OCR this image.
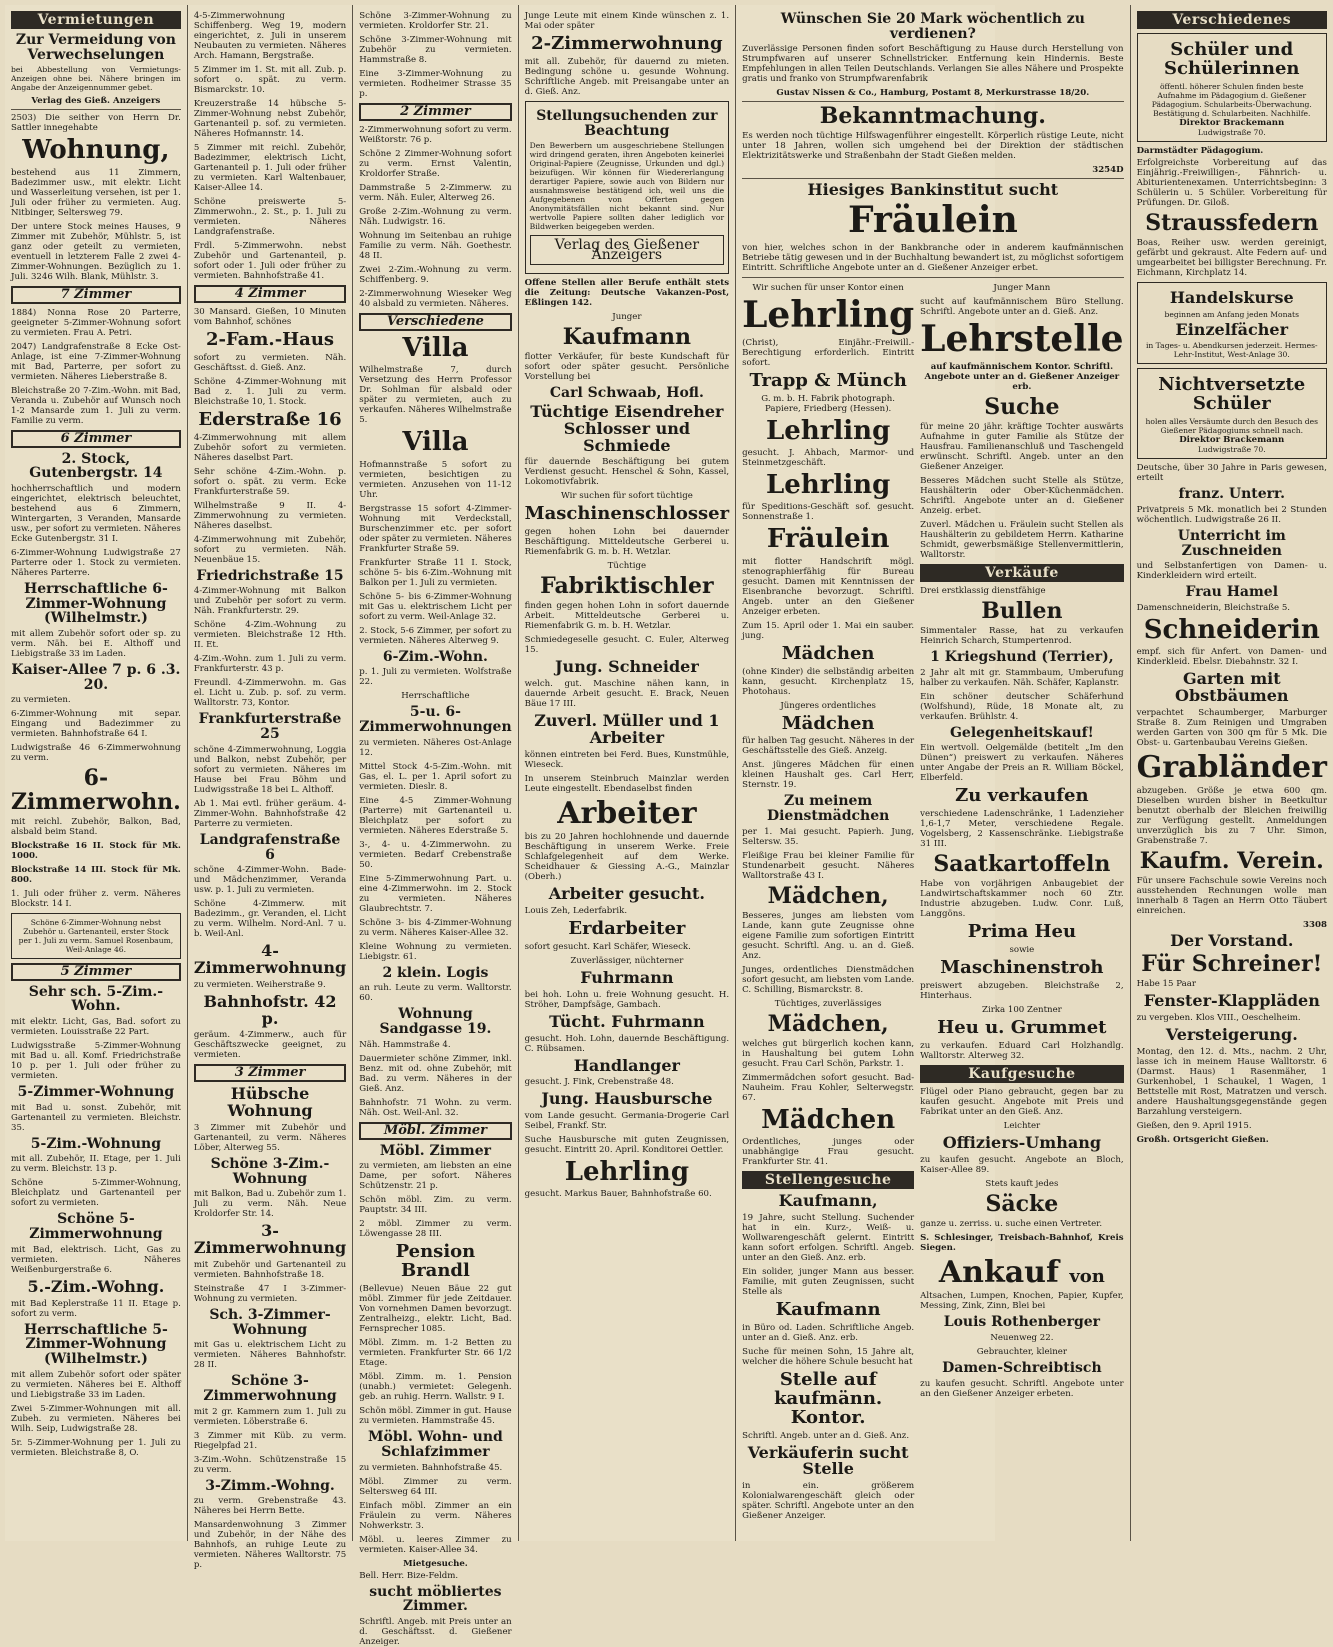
Vermietungen
Zur Vermeidung von Verwechselungen
bei Abbestellung von Vermietungs-Anzeigen ohne bei. Nähere bringen im Angabe der Anzeigennummer gebet.
Verlag des Gieß. Anzeigers
2503) Die seither von Herrn Dr. Sattler innegehabte
Wohnung,
bestehend aus 11 Zimmern, Badezimmer usw., mit elektr. Licht und Wasserleitung versehen, ist per 1. Juli oder früher zu vermieten. Aug. Nitbinger, Seltersweg 79.
Der untere Stock meines Hauses, 9 Zimmer mit Zubehör, Mühlstr. 5, ist ganz oder geteilt zu vermieten, eventuell in letzterem Falle 2 zwei 4-Zimmer-Wohnungen. Bezüglich zu 1. Juli. 3246 Wilh. Blank, Mühlstr. 3.
7 Zimmer
1884) Nonna Rose 20 Parterre, geeigneter 5-Zimmer-Wohnung sofort zu vermieten. Frau A. Petri.
2047) Landgrafenstraße 8 Ecke Ost-Anlage, ist eine 7-Zimmer-Wohnung mit Bad, Parterre, per sofort zu vermieten. Näheres Lieberstraße 8.
Bleichstraße 20 7-Zim.-Wohn. mit Bad, Veranda u. Zubehör auf Wunsch noch 1-2 Mansarde zum 1. Juli zu verm. Familie zu verm.
6 Zimmer
2. Stock, Gutenbergstr. 14
hochherrschaftlich und modern eingerichtet, elektrisch beleuchtet, bestehend aus 6 Zimmern, Wintergarten, 3 Veranden, Mansarde usw., per sofort zu vermieten. Näheres Ecke Gutenbergstr. 31 I.
6-Zimmer-Wohnung Ludwigstraße 27 Parterre oder 1. Stock zu vermieten. Näheres Parterre.
Herrschaftliche 6-Zimmer-Wohnung (Wilhelmstr.)
mit allem Zubehör sofort oder sp. zu verm. Näh. bei E. Althoff und Liebigstraße 33 im Laden.
Kaiser-Allee 7 p. 6 .3. 20.
zu vermieten.
6-Zimmer-Wohnung mit separ. Eingang und Badezimmer zu vermieten. Bahnhofstraße 64 I.
Ludwigstraße 46 6-Zimmerwohnung zu verm.
6-Zimmerwohn.
mit reichl. Zubehör, Balkon, Bad, alsbald beim Stand.
Blockstraße 16 II. Stock für Mk. 1000.
Blockstraße 14 III. Stock für Mk. 800.
1. Juli oder früher z. verm. Näheres Blockstr. 14 I.
Schöne 6-Zimmer-Wohnung nebst Zubehör u. Gartenanteil, erster Stock per 1. Juli zu verm. Samuel Rosenbaum, Weil-Anlage 46.
5 Zimmer
Sehr sch. 5-Zim.-Wohn.
mit elektr. Licht, Gas, Bad. sofort zu vermieten. Louisstraße 22 Part.
Ludwigsstraße 5-Zimmer-Wohnung mit Bad u. all. Komf. Friedrichstraße 10 p. per 1. Juli oder früher zu vermieten.
5-Zimmer-Wohnung
mit Bad u. sonst. Zubehör, mit Gartenanteil zu vermieten. Bleichstr. 35.
5-Zim.-Wohnung
mit all. Zubehör, II. Etage, per 1. Juli zu verm. Bleichstr. 13 p.
Schöne 5-Zimmer-Wohnung, Bleichplatz und Gartenanteil per sofort zu vermieten.
Schöne 5-Zimmerwohnung
mit Bad, elektrisch. Licht, Gas zu vermieten. Näheres Weißenburgerstraße 6.
5.-Zim.-Wohng.
mit Bad Keplerstraße 11 II. Etage p. sofort zu verm.
Herrschaftliche 5-Zimmer-Wohnung (Wilhelmstr.)
mit allem Zubehör sofort oder später zu vermieten. Näheres bei E. Althoff und Liebigstraße 33 im Laden.
Zwei 5-Zimmer-Wohnungen mit all. Zubeh. zu vermieten. Näheres bei Wilh. Seip, Ludwigstraße 28.
5r. 5-Zimmer-Wohnung per 1. Juli zu vermieten. Bleichstraße 8, O.
4-5-Zimmerwohnung Schiffenberg. Weg 19, modern eingerichtet, z. Juli in unserem Neubauten zu vermieten. Näheres Arch. Hamann, Bergstraße.
5 Zimmer im 1. St. mit all. Zub. p. sofort o. spät. zu verm. Bismarckstr. 10.
Kreuzerstraße 14 hübsche 5-Zimmer-Wohnung nebst Zubehör, Gartenanteil p. sof. zu vermieten. Näheres Hofmannstr. 14.
5 Zimmer mit reichl. Zubehör, Badezimmer, elektrisch Licht, Gartenanteil p. 1. Juli oder früher zu vermieten. Karl Waltenbauer, Kaiser-Allee 14.
Schöne preiswerte 5-Zimmerwohn., 2. St., p. 1. Juli zu vermieten. Näheres Landgrafenstraße.
Frdl. 5-Zimmerwohn. nebst Zubehör und Gartenanteil, p. sofort oder 1. Juli oder früher zu vermieten. Bahnhofstraße 41.
4 Zimmer
30 Mansard. Gießen, 10 Minuten vom Bahnhof, schönes
2-Fam.-Haus
sofort zu vermieten. Näh. Geschäftsst. d. Gieß. Anz.
Schöne 4-Zimmer-Wohnung mit Bad z. 1. Juli zu verm. Bleichstraße 10, 1. Stock.
Ederstraße 16
4-Zimmerwohnung mit allem Zubehör sofort zu vermieten. Näheres daselbst Part.
Sehr schöne 4-Zim.-Wohn. p. sofort o. spät. zu verm. Ecke Frankfurterstraße 59.
Wilhelmstraße 9 II. 4-Zimmerwohnung zu vermieten. Näheres daselbst.
4-Zimmerwohnung mit Zubehör, sofort zu vermieten. Näh. Neuenbäue 15.
Friedrichstraße 15
4-Zimmer-Wohnung mit Balkon und Zubehör per sofort zu verm. Näh. Frankfurterstr. 29.
Schöne 4-Zim.-Wohnung zu vermieten. Bleichstraße 12 Hth. II. Et.
4-Zim.-Wohn. zum 1. Juli zu verm. Frankfurterstr. 43 p.
Freundl. 4-Zimmerwohn. m. Gas el. Licht u. Zub. p. sof. zu verm. Walltorstr. 73, Kontor.
Frankfurterstraße 25
schöne 4-Zimmerwohnung, Loggia und Balkon, nebst Zubehör, per sofort zu vermieten. Näheres im Hause bei Frau Böhm und Ludwigsstraße 18 bei L. Althoff.
Ab 1. Mai evtl. früher geräum. 4-Zimmer-Wohn. Bahnhofstraße 42 Parterre zu vermieten.
Landgrafenstraße 6
schöne 4-Zimmer-Wohn. Bade- und Mädchenzimmer, Veranda usw. p. 1. Juli zu vermieten.
Schöne 4-Zimmerw. mit Badezimm., gr. Veranden, el. Licht zu verm. Wilhelm. Nord-Anl. 7 u. b. Weil-Anl.
4-Zimmerwohnung
zu vermieten. Weiherstraße 9.
Bahnhofstr. 42 p.
geräum. 4-Zimmerw., auch für Geschäftszwecke geeignet, zu vermieten.
3 Zimmer
Hübsche Wohnung
3 Zimmer mit Zubehör und Gartenanteil, zu verm. Näheres Löber, Alterweg 55.
Schöne 3-Zim.-Wohnung
mit Balkon, Bad u. Zubehör zum 1. Juli zu verm. Näh. Neue Kroldorfer Str. 14.
3-Zimmerwohnung
mit Zubehör und Gartenanteil zu vermieten. Bahnhofstraße 18.
Steinstraße 47 I 3-Zimmer-Wohnung zu vermieten.
Sch. 3-Zimmer-Wohnung
mit Gas u. elektrischem Licht zu vermieten. Näheres Bahnhofstr. 28 II.
Schöne 3-Zimmerwohnung
mit 2 gr. Kammern zum 1. Juli zu vermieten. Löberstraße 6.
3 Zimmer mit Küb. zu verm. Riegelpfad 21.
3-Zim.-Wohn. Schützenstraße 15 zu verm.
3-Zimm.-Wohng.
zu verm. Grebenstraße 43. Näheres bei Herrn Bette.
Mansardenwohnung 3 Zimmer und Zubehör, in der Nähe des Bahnhofs, an ruhige Leute zu vermieten. Näheres Walltorstr. 75 p.
Schöne 3-Zimmer-Wohnung zu vermieten. Kroldorfer Str. 21.
Schöne 3-Zimmer-Wohnung mit Zubehör zu vermieten. Hammstraße 8.
Eine 3-Zimmer-Wohnung zu vermieten. Rodheimer Strasse 35 p.
2 Zimmer
2-Zimmerwohnung sofort zu verm. Weißtorstr. 76 p.
Schöne 2 Zimmer-Wohnung sofort zu verm. Ernst Valentin, Kroldorfer Straße.
Dammstraße 5 2-Zimmerw. zu verm. Näh. Euler, Alterweg 26.
Große 2-Zim.-Wohnung zu verm. Näh. Ludwigstr. 16.
Wohnung im Seitenbau an ruhige Familie zu verm. Näh. Goethestr. 48 II.
Zwei 2-Zim.-Wohnung zu verm. Schiffenberg. 9.
2-Zimmerwohnung Wieseker Weg 40 alsbald zu vermieten. Näheres.
Verschiedene
Villa
Wilhelmstraße 7, durch Versetzung des Herrn Professor Dr. Sohlman für alsbald oder später zu vermieten, auch zu verkaufen. Näheres Wilhelmstraße 5.
Villa
Hofmannstraße 5 sofort zu vermieten, besichtigen zu vermieten. Anzusehen von 11-12 Uhr.
Bergstrasse 15 sofort 4-Zimmer-Wohnung mit Verdeckstall, Burschenzimmer etc. per sofort oder später zu vermieten. Näheres Frankfurter Straße 59.
Frankfurter Straße 11 I. Stock, schöne 5- bis 6-Zim.-Wohnung mit Balkon per 1. Juli zu vermieten.
Schöne 5- bis 6-Zimmer-Wohnung mit Gas u. elektrischem Licht per sofort zu verm. Weil-Anlage 32.
2. Stock, 5-6 Zimmer, per sofort zu vermieten. Näheres Alterweg 9.
6-Zim.-Wohn.
p. 1. Juli zu vermieten. Wolfstraße 22.
Herrschaftliche
5-u. 6-Zimmerwohnungen
zu vermieten. Näheres Ost-Anlage 12.
Mittel Stock 4-5-Zim.-Wohn. mit Gas, el. L. per 1. April sofort zu vermieten. Dieslr. 8.
Eine 4-5 Zimmer-Wohnung (Parterre) mit Gartenanteil u. Bleichplatz per sofort zu vermieten. Näheres Ederstraße 5.
3-, 4- u. 4-Zimmerwohn. zu vermieten. Bedarf Crebenstraße 50.
Eine 5-Zimmerwohnung Part. u. eine 4-Zimmerwohn. im 2. Stock zu vermieten. Näheres Glaubrechtstr. 7.
Schöne 3- bis 4-Zimmer-Wohnung zu verm. Näheres Kaiser-Allee 32.
Kleine Wohnung zu vermieten. Liebigstr. 61.
2 klein. Logis
an ruh. Leute zu verm. Walltorstr. 60.
Wohnung Sandgasse 19.
Näh. Hammstraße 4.
Dauermieter schöne Zimmer, inkl. Benz. mit od. ohne Zubehör, mit Bad. zu verm. Näheres in der Gieß. Anz.
Bahnhofstr. 71 Wohn. zu verm. Näh. Ost. Weil-Anl. 32.
Möbl. Zimmer
Möbl. Zimmer
zu vermieten, am liebsten an eine Dame, per sofort. Näheres Schützenstr. 21 p.
Schön möbl. Zim. zu verm. Pauptstr. 34 III.
2 möbl. Zimmer zu verm. Löwengasse 28 III.
Pension Brandl
(Bellevue) Neuen Bäue 22 gut möbl. Zimmer für jede Zeitdauer. Von vornehmen Damen bevorzugt. Zentralheizg., elektr. Licht, Bad. Fernsprecher 1085.
Möbl. Zimm. m. 1-2 Betten zu vermieten. Frankfurter Str. 66 1/2 Etage.
Möbl. Zimm. m. 1. Pension (unabh.) vermietet: Gelegenh. geb. an ruhig. Herrn. Wallstr. 9 I.
Schön möbl. Zimmer in gut. Hause zu vermieten. Hammstraße 45.
Möbl. Wohn- und Schlafzimmer
zu vermieten. Bahnhofstraße 45.
Möbl. Zimmer zu verm. Seltersweg 64 III.
Einfach möbl. Zimmer an ein Fräulein zu verm. Näheres Nohwerkstr. 3.
Möbl. u. leeres Zimmer zu vermieten. Kaiser-Allee 34.
Mietgesuche.
Bell. Herr. Bize-Feldm.
sucht möbliertes Zimmer.
Schriftl. Angeb. mit Preis unter an d. Geschäftsst. d. Gießener Anzeiger.
Junge Leute mit einem Kinde wünschen z. 1. Mai oder später
2-Zimmerwohnung
mit all. Zubehör, für dauernd zu mieten. Bedingung schöne u. gesunde Wohnung. Schriftliche Angeb. mit Preisangabe unter an d. Gieß. Anz.
Stellungsuchenden zur Beachtung
Den Bewerbern um ausgeschriebene Stellungen wird dringend geraten, ihren Angeboten keinerlei Original-Papiere (Zeugnisse, Urkunden und dgl.) beizufügen. Wir können für Wiedererlangung derartiger Papiere, sowie auch von Bildern nur ausnahmsweise bestätigend ich, weil uns die Aufgegebenen von Offerten gegen Anonymitätsfällen nicht bekannt sind. Nur wertvolle Papiere sollten daher lediglich vor Bildwerken beigegeben werden.
Verlag des Gießener Anzeigers
Offene Stellen aller Berufe enthält stets die Zeitung: Deutsche Vakanzen-Post, Eßlingen 142.
Junger
Kaufmann
flotter Verkäufer, für beste Kundschaft für sofort oder später gesucht. Persönliche Vorstellung bei
Carl Schwaab, Hofl.
Tüchtige Eisendreher Schlosser und Schmiede
für dauernde Beschäftigung bei gutem Verdienst gesucht. Henschel & Sohn, Kassel, Lokomotivfabrik.
Wir suchen für sofort tüchtige
Maschinenschlosser
gegen hohen Lohn bei dauernder Beschäftigung. Mitteldeutsche Gerberei u. Riemenfabrik G. m. b. H. Wetzlar.
Tüchtige
Fabriktischler
finden gegen hohen Lohn in sofort dauernde Arbeit. Mitteldeutsche Gerberei u. Riemenfabrik G. m. b. H. Wetzlar.
Schmiedegeselle gesucht. C. Euler, Alterweg 15.
Jung. Schneider
welch. gut. Maschine nähen kann, in dauernde Arbeit gesucht. E. Brack, Neuen Bäue 17 III.
Zuverl. Müller und 1 Arbeiter
können eintreten bei Ferd. Bues, Kunstmühle, Wieseck.
In unserem Steinbruch Mainzlar werden Leute eingestellt. Ebendaselbst finden
Arbeiter
bis zu 20 Jahren hochlohnende und dauernde Beschäftigung in unserem Werke. Freie Schlafgelegenheit auf dem Werke. Scheidhauer & Giessing A.-G., Mainzlar (Oberh.)
Arbeiter gesucht.
Louis Zeh, Lederfabrik.
Erdarbeiter
sofort gesucht. Karl Schäfer, Wieseck.
Zuverlässiger, nüchterner
Fuhrmann
bei hoh. Lohn u. freie Wohnung gesucht. H. Ströher, Dampfsäge, Gambach.
Tücht. Fuhrmann
gesucht. Hoh. Lohn, dauernde Beschäftigung. C. Rübsamen.
Handlanger
gesucht. J. Fink, Crebenstraße 48.
Jung. Hausbursche
vom Lande gesucht. Germania-Drogerie Carl Seibel, Frankf. Str.
Suche Hausbursche mit guten Zeugnissen, gesucht. Eintritt 20. April. Konditorei Oettler.
Lehrling
gesucht. Markus Bauer, Bahnhofstraße 60.
Wünschen Sie 20 Mark wöchentlich zu verdienen?
Zuverlässige Personen finden sofort Beschäftigung zu Hause durch Herstellung von Strumpfwaren auf unserer Schnellstricker. Entfernung kein Hindernis. Beste Empfehlungen in allen Teilen Deutschlands. Verlangen Sie alles Nähere und Prospekte gratis und franko von Strumpfwarenfabrik
Gustav Nissen & Co., Hamburg, Postamt 8, Merkurstrasse 18/20.
Bekanntmachung.
Es werden noch tüchtige Hilfswagenführer eingestellt. Körperlich rüstige Leute, nicht unter 18 Jahren, wollen sich umgehend bei der Direktion der städtischen Elektrizitätswerke und Straßenbahn der Stadt Gießen melden.
3254D
Hiesiges Bankinstitut sucht
Fräulein
von hier, welches schon in der Bankbranche oder in anderem kaufmännischen Betriebe tätig gewesen und in der Buchhaltung bewandert ist, zu möglichst sofortigem Eintritt. Schriftliche Angebote unter an d. Gießener Anzeiger erbet.
Wir suchen für unser Kontor einen
Lehrling
(Christ), Einjähr.-Freiwill.-Berechtigung erforderlich. Eintritt sofort.
Trapp & Münch
G. m. b. H. Fabrik photograph. Papiere, Friedberg (Hessen).
Lehrling
gesucht. J. Ahbach, Marmor- und Steinmetzgeschäft.
Lehrling
für Speditions-Geschäft sof. gesucht. Sonnenstraße 1.
Fräulein
mit flotter Handschrift mögl. stenographierfähig für Bureau gesucht. Damen mit Kenntnissen der Eisenbranche bevorzugt. Schriftl. Angeb. unter an den Gießener Anzeiger erbeten.
Zum 15. April oder 1. Mai ein sauber. jung.
Mädchen
(ohne Kinder) die selbständig arbeiten kann, gesucht. Kirchenplatz 15, Photohaus.
Jüngeres ordentliches
Mädchen
für halben Tag gesucht. Näheres in der Geschäftsstelle des Gieß. Anzeig.
Anst. jüngeres Mädchen für einen kleinen Haushalt ges. Carl Herr, Sternstr. 19.
Zu meinem Dienstmädchen
per 1. Mai gesucht. Papierh. Jung, Seltersw. 35.
Fleißige Frau bei kleiner Familie für Stundenarbeit gesucht. Näheres Walltorstraße 43 I.
Mädchen,
Besseres, junges am liebsten vom Lande, kann gute Zeugnisse ohne eigene Familie zum sofortigen Eintritt gesucht. Schriftl. Ang. u. an d. Gieß. Anz.
Junges, ordentliches Dienstmädchen sofort gesucht, am liebsten vom Lande. C. Schilling, Bismarckstr. 8.
Tüchtiges, zuverlässiges
Mädchen,
welches gut bürgerlich kochen kann, in Haushaltung bei gutem Lohn gesucht. Frau Carl Schön, Parkstr. 1.
Zimmermädchen sofort gesucht. Bad-Nauheim. Frau Kohler, Selterwegstr. 67.
Mädchen
Ordentliches, junges oder unabhängige Frau gesucht. Frankfurter Str. 41.
Stellengesuche
Kaufmann,
19 Jahre, sucht Stellung. Suchender hat in ein. Kurz-, Weiß- u. Wollwarengeschäft gelernt. Eintritt kann sofort erfolgen. Schriftl. Angeb. unter an den Gieß. Anz. erb.
Ein solider, junger Mann aus besser. Familie, mit guten Zeugnissen, sucht Stelle als
Kaufmann
in Büro od. Laden. Schriftliche Angeb. unter an d. Gieß. Anz. erb.
Suche für meinen Sohn, 15 Jahre alt, welcher die höhere Schule besucht hat
Stelle auf kaufmänn. Kontor.
Schriftl. Angeb. unter an d. Gieß. Anz.
Verkäuferin sucht Stelle
in ein. größerem Kolonialwarengeschäft gleich oder später. Schriftl. Angebote unter an den Gießener Anzeiger.
Junger Mann
sucht auf kaufmännischem Büro Stellung. Schriftl. Angebote unter an d. Gieß. Anz.
Lehrstelle
auf kaufmännischem Kontor. Schriftl. Angebote unter an d. Gießener Anzeiger erb.
Suche
für meine 20 jähr. kräftige Tochter auswärts Aufnahme in guter Familie als Stütze der Hausfrau. Familienanschluß und Taschengeld erwünscht. Schriftl. Angeb. unter an den Gießener Anzeiger.
Besseres Mädchen sucht Stelle als Stütze, Haushälterin oder Ober-Küchenmädchen. Schriftl. Angebote unter an d. Gießener Anzeig. erbet.
Zuverl. Mädchen u. Fräulein sucht Stellen als Haushälterin zu gebildetem Herrn. Katharine Schmidt, gewerbsmäßige Stellenvermittlerin, Walltorstr.
Verkäufe
Drei erstklassig dienstfähige
Bullen
Simmentaler Rasse, hat zu verkaufen Heinrich Scharch, Stumpertenrod.
1 Kriegshund (Terrier),
2 Jahr alt mit gr. Stammbaum, Umberufung halber zu verkaufen. Näh. Schäfer, Kaplanstr.
Ein schöner deutscher Schäferhund (Wolfshund), Rüde, 18 Monate alt, zu verkaufen. Brühlstr. 4.
Gelegenheitskauf!
Ein wertvoll. Oelgemälde (betitelt „Im den Dünen“) preiswert zu verkaufen. Näheres unter Angabe der Preis an R. William Böckel, Elberfeld.
Zu verkaufen
verschiedene Ladenschränke, 1 Ladenzieher 1,6-1,7 Meter, verschiedene Regale. Vogelsberg, 2 Kassenschränke. Liebigstraße 31 III.
Saatkartoffeln
Habe von vorjährigen Anbaugebiet der Landwirtschaftskammer noch 60 Ztr. Industrie abzugeben. Ludw. Conr. Luß, Langgöns.
Prima Heu
sowie
Maschinenstroh
preiswert abzugeben. Bleichstraße 2, Hinterhaus.
Zirka 100 Zentner
Heu u. Grummet
zu verkaufen. Eduard Carl Holzhandlg. Walltorstr. Alterweg 32.
Kaufgesuche
Flügel oder Piano gebraucht, gegen bar zu kaufen gesucht. Angebote mit Preis und Fabrikat unter an den Gieß. Anz.
Leichter
Offiziers-Umhang
zu kaufen gesucht. Angebote an Bloch, Kaiser-Allee 89.
Stets kauft jedes
Säcke
ganze u. zerriss. u. suche einen Vertreter.
S. Schlesinger, Treisbach-Bahnhof, Kreis Siegen.
Ankauf von
Altsachen, Lumpen, Knochen, Papier, Kupfer, Messing, Zink, Zinn, Blei bei
Louis Rothenberger
Neuenweg 22.
Gebrauchter, kleiner
Damen-Schreibtisch
zu kaufen gesucht. Schriftl. Angebote unter an den Gießener Anzeiger erbeten.
Verschiedenes
Schüler und Schülerinnen
öffentl. höherer Schulen finden beste Aufnahme im Pädagogium d. Gießener Pädagogium. Schularbeits-Überwachung. Bestätigung d. Schularbeiten. Nachhilfe.
Direktor Brackemann
Ludwigstraße 70.
Darmstädter Pädagogium.
Erfolgreichste Vorbereitung auf das Einjährig.-Freiwilligen-, Fähnrich- u. Abiturientenexamen. Unterrichtsbeginn: 3 Schülerin u. 5 Schüler. Vorbereitung für Prüfungen. Dr. Giloß.
Straussfedern
Boas, Reiher usw. werden gereinigt, gefärbt und gekraust. Alte Federn auf- und umgearbeitet bei billigster Berechnung. Fr. Eichmann, Kirchplatz 14.
Handelskurse
beginnen am Anfang jeden Monats
Einzelfächer
in Tages- u. Abendkursen jederzeit. Hermes-Lehr-Institut, West-Anlage 30.
Nichtversetzte Schüler
holen alles Versäumte durch den Besuch des Gießener Pädagogiums schnell nach.
Direktor Brackemann
Ludwigstraße 70.
Deutsche, über 30 Jahre in Paris gewesen, erteilt
franz. Unterr.
Privatpreis 5 Mk. monatlich bei 2 Stunden wöchentlich. Ludwigstraße 26 II.
Unterricht im Zuschneiden
und Selbstanfertigen von Damen- u. Kinderkleidern wird erteilt.
Frau Hamel
Damenschneiderin, Bleichstraße 5.
Schneiderin
empf. sich für Anfert. von Damen- und Kinderkleid. Ebelsr. Diebahnstr. 32 I.
Garten mit Obstbäumen
verpachtet Schaumberger, Marburger Straße 8. Zum Reinigen und Umgraben werden Garten von 300 qm für 5 Mk. Die Obst- u. Gartenbaubau Vereins Gießen.
Grabländer
abzugeben. Größe je etwa 600 qm. Dieselben wurden bisher in Beetkultur benutzt oberhalb der Bleichen freiwillig zur Verfügung gestellt. Anmeldungen unverzüglich bis zu 7 Uhr. Simon, Grabenstraße 7.
Kaufm. Verein.
Für unsere Fachschule sowie Vereins noch ausstehenden Rechnungen wolle man innerhalb 8 Tagen an Herrn Otto Täubert einreichen.
3308
Der Vorstand.
Für Schreiner!
Habe 15 Paar
Fenster-Klappläden
zu vergeben. Klos VIII., Oeschelheim.
Versteigerung.
Montag, den 12. d. Mts., nachm. 2 Uhr, lasse ich in meinem Hause Walltorstr. 6 (Darmst. Haus) 1 Rasenmäher, 1 Gurkenhobel, 1 Schaukel, 1 Wagen, 1 Bettstelle mit Rost, Matratzen und versch. andere Haushaltungsgegenstände gegen Barzahlung versteigern.
Gießen, den 9. April 1915.
Großh. Ortsgericht Gießen.
